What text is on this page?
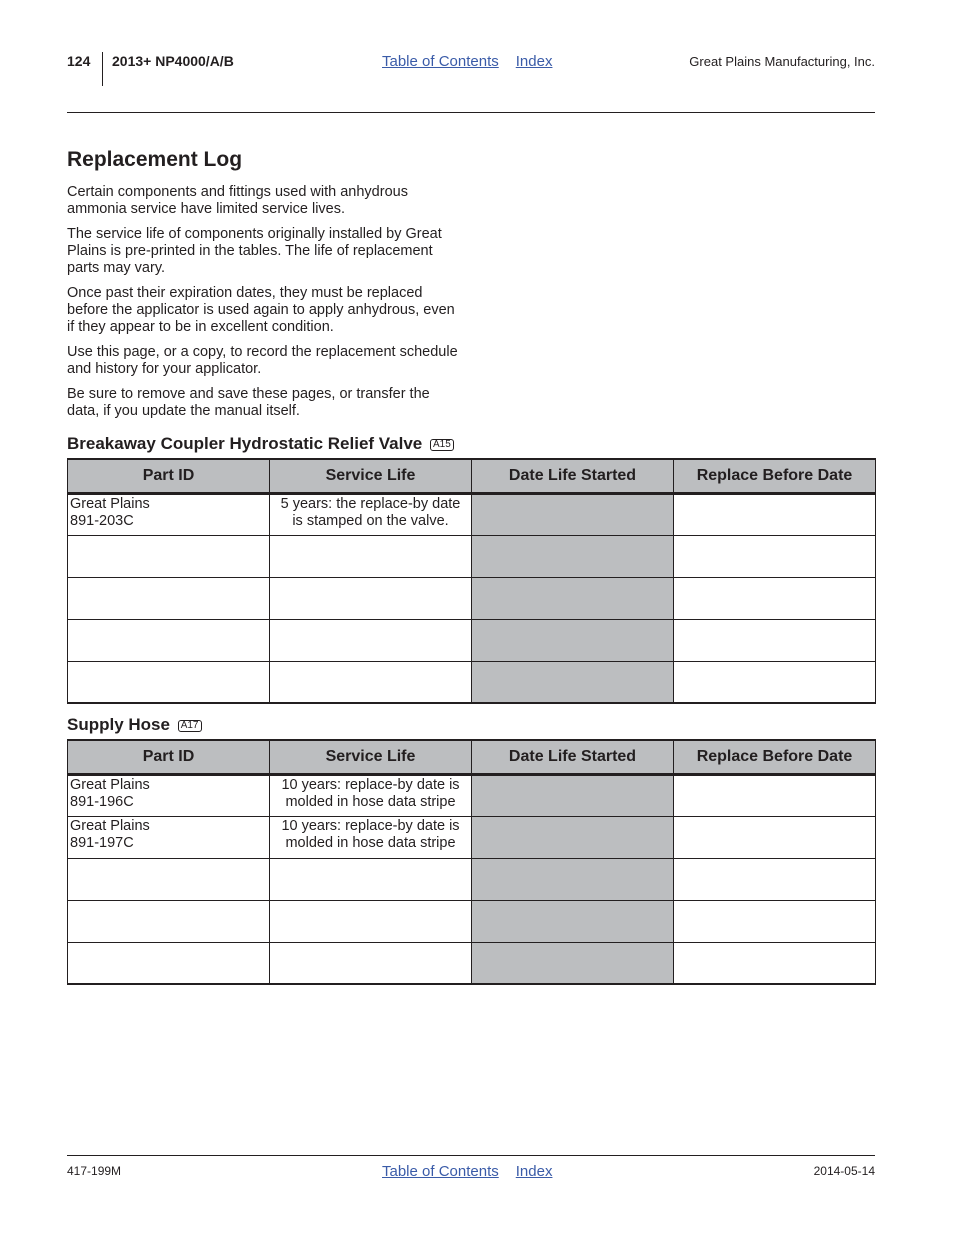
124 2013+ NP4000/A/B	Table of Contents Index	Great Plains Manufacturing, Inc.
Replacement Log

Certain components and fittings used with anhydrous ammonia service have limited service lives.

The service life of components originally installed by Great Plains is pre-printed in the tables. The life of replacement parts may vary.

Once past their expiration dates, they must be replaced before the applicator is used again to apply anhydrous, even if they appear to be in excellent condition.

Use this page, or a copy, to record the replacement schedule and history for your applicator.

Be sure to remove and save these pages, or transfer the data, if you update the manual itself.

Breakaway Coupler Hydrostatic Relief Valve A15
Part ID	Service Life	Date Life Started	Replace Before Date
Great Plains
891-203C	5 years: the replace-by date
is stamped on the valve.		

Supply Hose A17
Part ID	Service Life	Date Life Started	Replace Before Date
Great Plains
891-196C	10 years: replace-by date is
molded in hose data stripe		
Great Plains
891-197C	10 years: replace-by date is
molded in hose data stripe		

417-199M	Table of Contents Index	2014-05-14
